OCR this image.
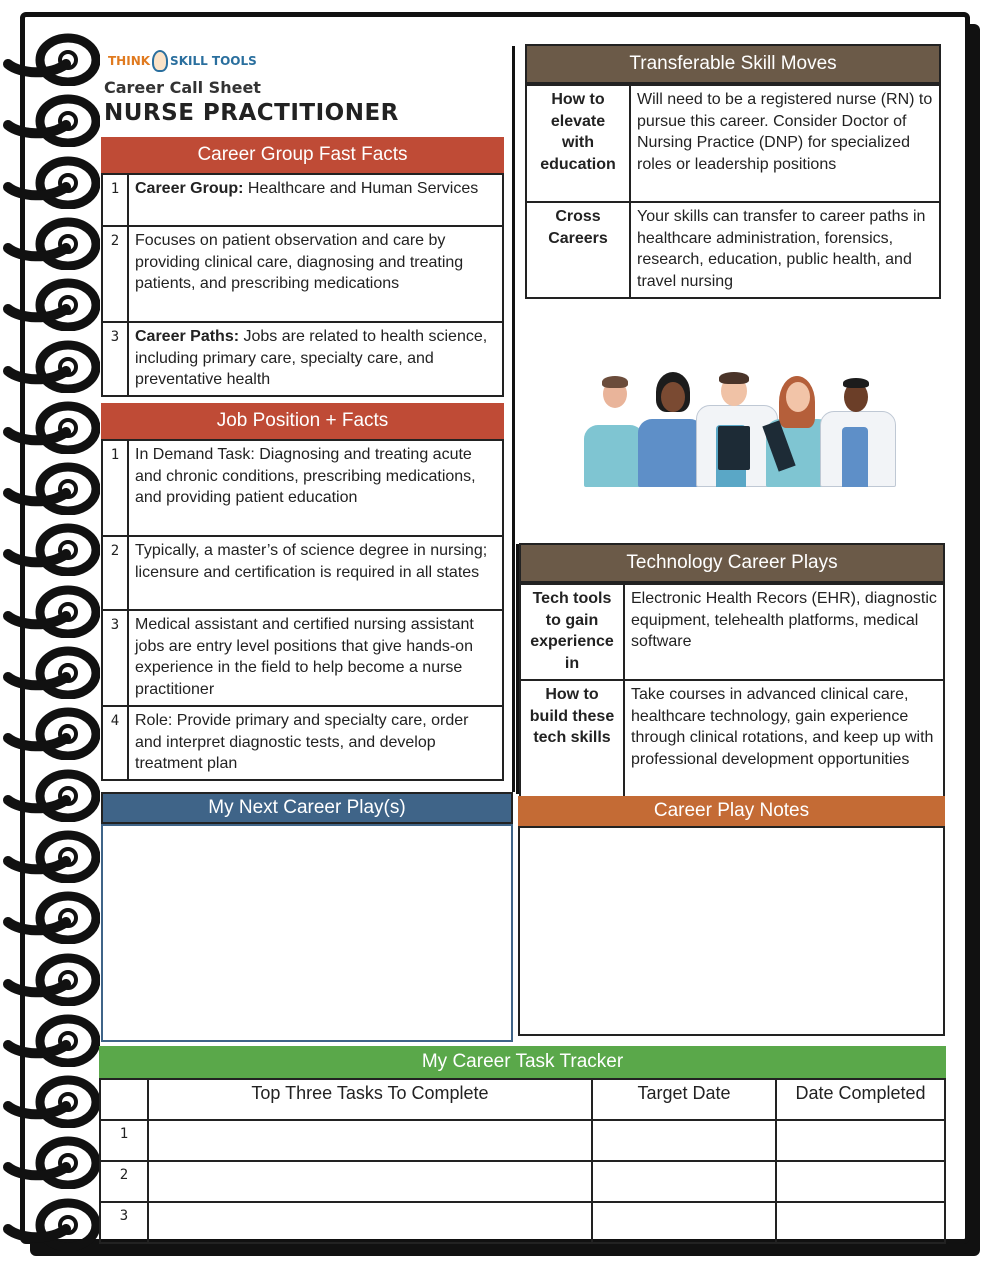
THINK SKILL TOOLS
Career Call Sheet
NURSE PRACTITIONER
Career Group Fast Facts
1	Career Group: Healthcare and Human Services
2	Focuses on patient observation and care by providing clinical care, diagnosing and treating patients, and prescribing medications
3	Career Paths: Jobs are related to health science, including primary care, specialty care, and preventative health
Job Position + Facts
1	In Demand Task: Diagnosing and treating acute and chronic conditions, prescribing medications, and providing patient education
2	Typically, a master’s of science degree in nursing; licensure and certification is required in all states
3	Medical assistant and certified nursing assistant jobs are entry level positions that give hands-on experience in the field to help become a nurse practitioner
4	Role: Provide primary and specialty care, order and interpret diagnostic tests, and develop treatment plan
Transferable Skill Moves
How to elevate with education	Will need to be a registered nurse (RN) to pursue this career. Consider Doctor of Nursing Practice (DNP) for specialized roles or leadership positions
Cross Careers	Your skills can transfer to career paths in healthcare administration, forensics, research, education, public health, and travel nursing
Technology Career Plays
Tech tools to gain experience in	Electronic Health Recors (EHR), diagnostic equipment, telehealth platforms, medical software
How to build these tech skills	Take courses in advanced clinical care, healthcare technology, gain experience through clinical rotations, and keep up with professional development opportunities
My Next Career Play(s)	Career Play Notes
My Career Task Tracker
	Top Three Tasks To Complete	Target Date	Date Completed
1			
2			
3			
